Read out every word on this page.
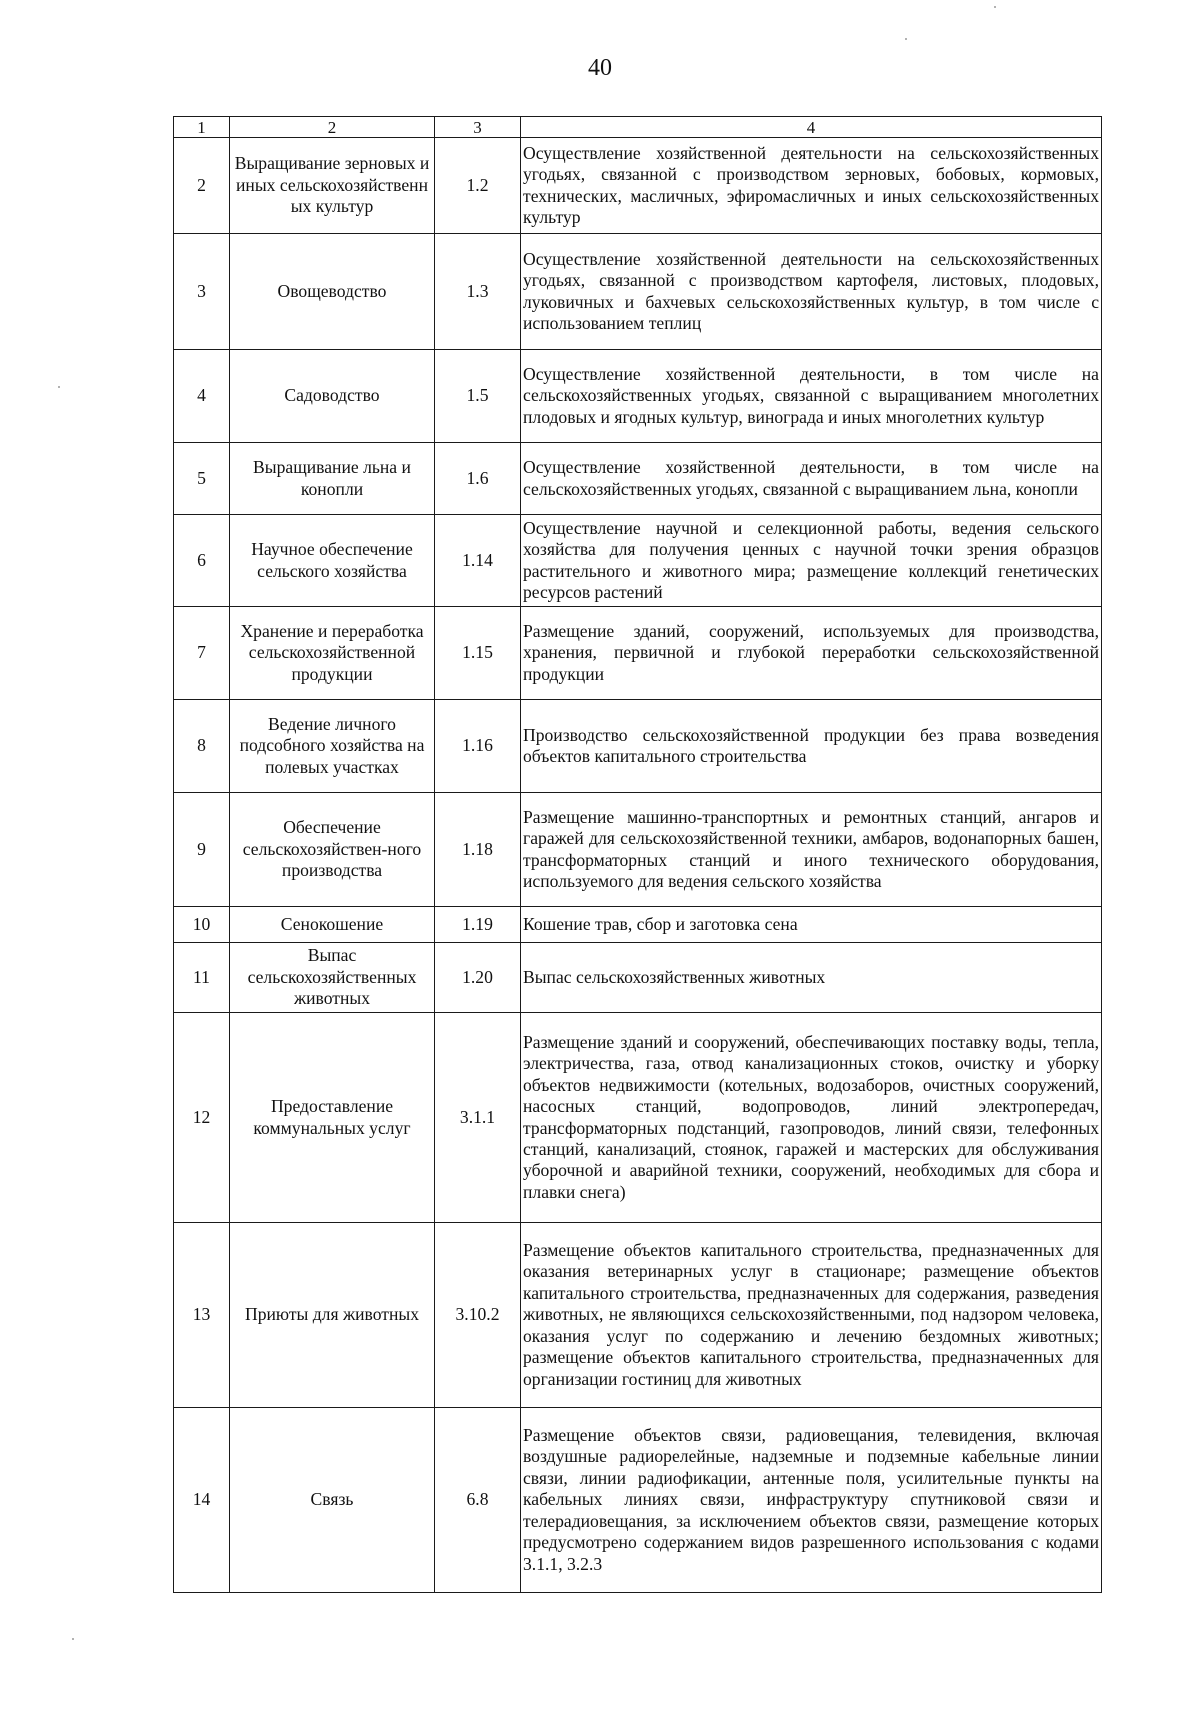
40
1	2	3	4
2	Выращивание зерновых и иных сельскохозяйственн ых культур	1.2	Осуществление хозяйственной деятельности на сельскохозяйственных угодьях, связанной с производством зерновых, бобовых, кормовых, технических, масличных, эфиромасличных и иных сельскохозяйственных культур
3	Овощеводство	1.3	Осуществление хозяйственной деятельности на сельскохозяйственных угодьях, связанной с производством картофеля, листовых, плодовых, луковичных и бахчевых сельскохозяйственных культур, в том числе с использованием теплиц
4	Садоводство	1.5	Осуществление хозяйственной деятельности, в том числе на сельскохозяйственных угодьях, связанной с выращиванием многолетних плодовых и ягодных культур, винограда и иных многолетних культур
5	Выращивание льна и конопли	1.6	Осуществление хозяйственной деятельности, в том числе на сельскохозяйственных угодьях, связанной с выращиванием льна, конопли
6	Научное обеспечение сельского хозяйства	1.14	Осуществление научной и селекционной работы, ведения сельского хозяйства для получения ценных с научной точки зрения образцов растительного и животного мира; размещение коллекций генетических ресурсов растений
7	Хранение и переработка сельскохозяйственной продукции	1.15	Размещение зданий, сооружений, используемых для производства, хранения, первичной и глубокой переработки сельскохозяйственной продукции
8	Ведение личного подсобного хозяйства на полевых участках	1.16	Производство сельскохозяйственной продукции без права возведения объектов капитального строительства
9	Обеспечение сельскохозяйствен-ного производства	1.18	Размещение машинно-транспортных и ремонтных станций, ангаров и гаражей для сельскохозяйственной техники, амбаров, водонапорных башен, трансформаторных станций и иного технического оборудования, используемого для ведения сельского хозяйства
10	Сенокошение	1.19	Кошение трав, сбор и заготовка сена
11	Выпас сельскохозяйственных животных	1.20	Выпас сельскохозяйственных животных
12	Предоставление коммунальных услуг	3.1.1	Размещение зданий и сооружений, обеспечивающих поставку воды, тепла, электричества, газа, отвод канализационных стоков, очистку и уборку объектов недвижимости (котельных, водозаборов, очистных сооружений, насосных станций, водопроводов, линий электропередач, трансформаторных подстанций, газопроводов, линий связи, телефонных станций, канализаций, стоянок, гаражей и мастерских для обслуживания уборочной и аварийной техники, сооружений, необходимых для сбора и плавки снега)
13	Приюты для животных	3.10.2	Размещение объектов капитального строительства, предназначенных для оказания ветеринарных услуг в стационаре; размещение объектов капитального строительства, предназначенных для содержания, разведения животных, не являющихся сельскохозяйственными, под надзором человека, оказания услуг по содержанию и лечению бездомных животных; размещение объектов капитального строительства, предназначенных для организации гостиниц для животных
14	Связь	6.8	Размещение объектов связи, радиовещания, телевидения, включая воздушные радиорелейные, надземные и подземные кабельные линии связи, линии радиофикации, антенные поля, усилительные пункты на кабельных линиях связи, инфраструктуру спутниковой связи и телерадиовещания, за исключением объектов связи, размещение которых предусмотрено содержанием видов разрешенного использования с кодами 3.1.1, 3.2.3
